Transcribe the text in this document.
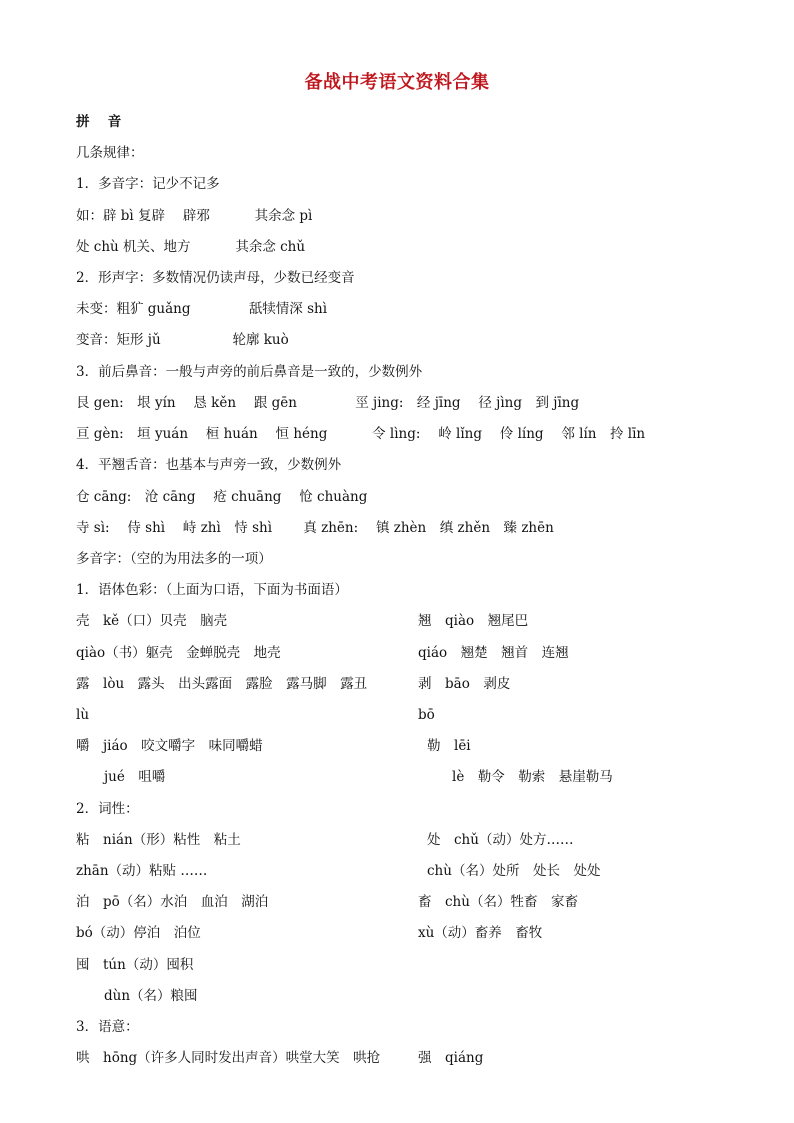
备战中考语文资料合集
拼　 音
几条规律：
1．多音字：记少不记多
如：辟 bì 复辟　 辟邪　　　 其余念 pì
处 chù 机关、地方　　　 其余念 chǔ
2．形声字：多数情况仍读声母，少数已经变音
未变：粗犷 guǎng　　　　 舐犊情深 shì
变音：矩形 jǔ　　　　　 轮廓 kuò
3．前后鼻音：一般与声旁的前后鼻音是一致的，少数例外
艮 gen:　垠 yín　 恳 kěn　 跟 gēn　　　　 巠 jing:　经 jīng　 径 jìng　到 jīng
亘 gèn:　垣 yuán　 桓 huán　 恒 héng　　　 令 lìng:　 岭 lǐng　 伶 líng　 邻 lín　拎 līn
4．平翘舌音：也基本与声旁一致，少数例外
仓 cāng:　沧 cāng　 疮 chuāng　 怆 chuàng
寺 sì:　 侍 shì　 峙 zhì　恃 shì　　 真 zhēn:　 镇 zhèn　缜 zhěn　臻 zhēn
多音字：（空的为用法多的一项）
1．语体色彩：（上面为口语，下面为书面语）
壳　kě（口）贝壳　脑壳
qiào（书）躯壳　金蝉脱壳　地壳
露　lòu　露头　出头露面　露脸　露马脚　露丑
lù
嚼　jiáo　咬文嚼字　味同嚼蜡
jué　咀嚼
2．词性：
粘　nián（形）粘性　粘土
zhān（动）粘贴 ……
泊　pō（名）水泊　血泊　湖泊
bó（动）停泊　泊位
囤　tún（动）囤积
dùn（名）粮囤
3．语意：
哄　hōng（许多人同时发出声音）哄堂大笑　哄抢
翘　qiào　翘尾巴
qiáo　翘楚　翘首　连翘
剥　bāo　剥皮
bō
勒　lēi
lè　勒令　勒索　悬崖勒马
处　chǔ（动）处方……
chù（名）处所　处长　处处
畜　chù（名）牲畜　家畜
xù（动）畜养　畜牧
强　qiáng
